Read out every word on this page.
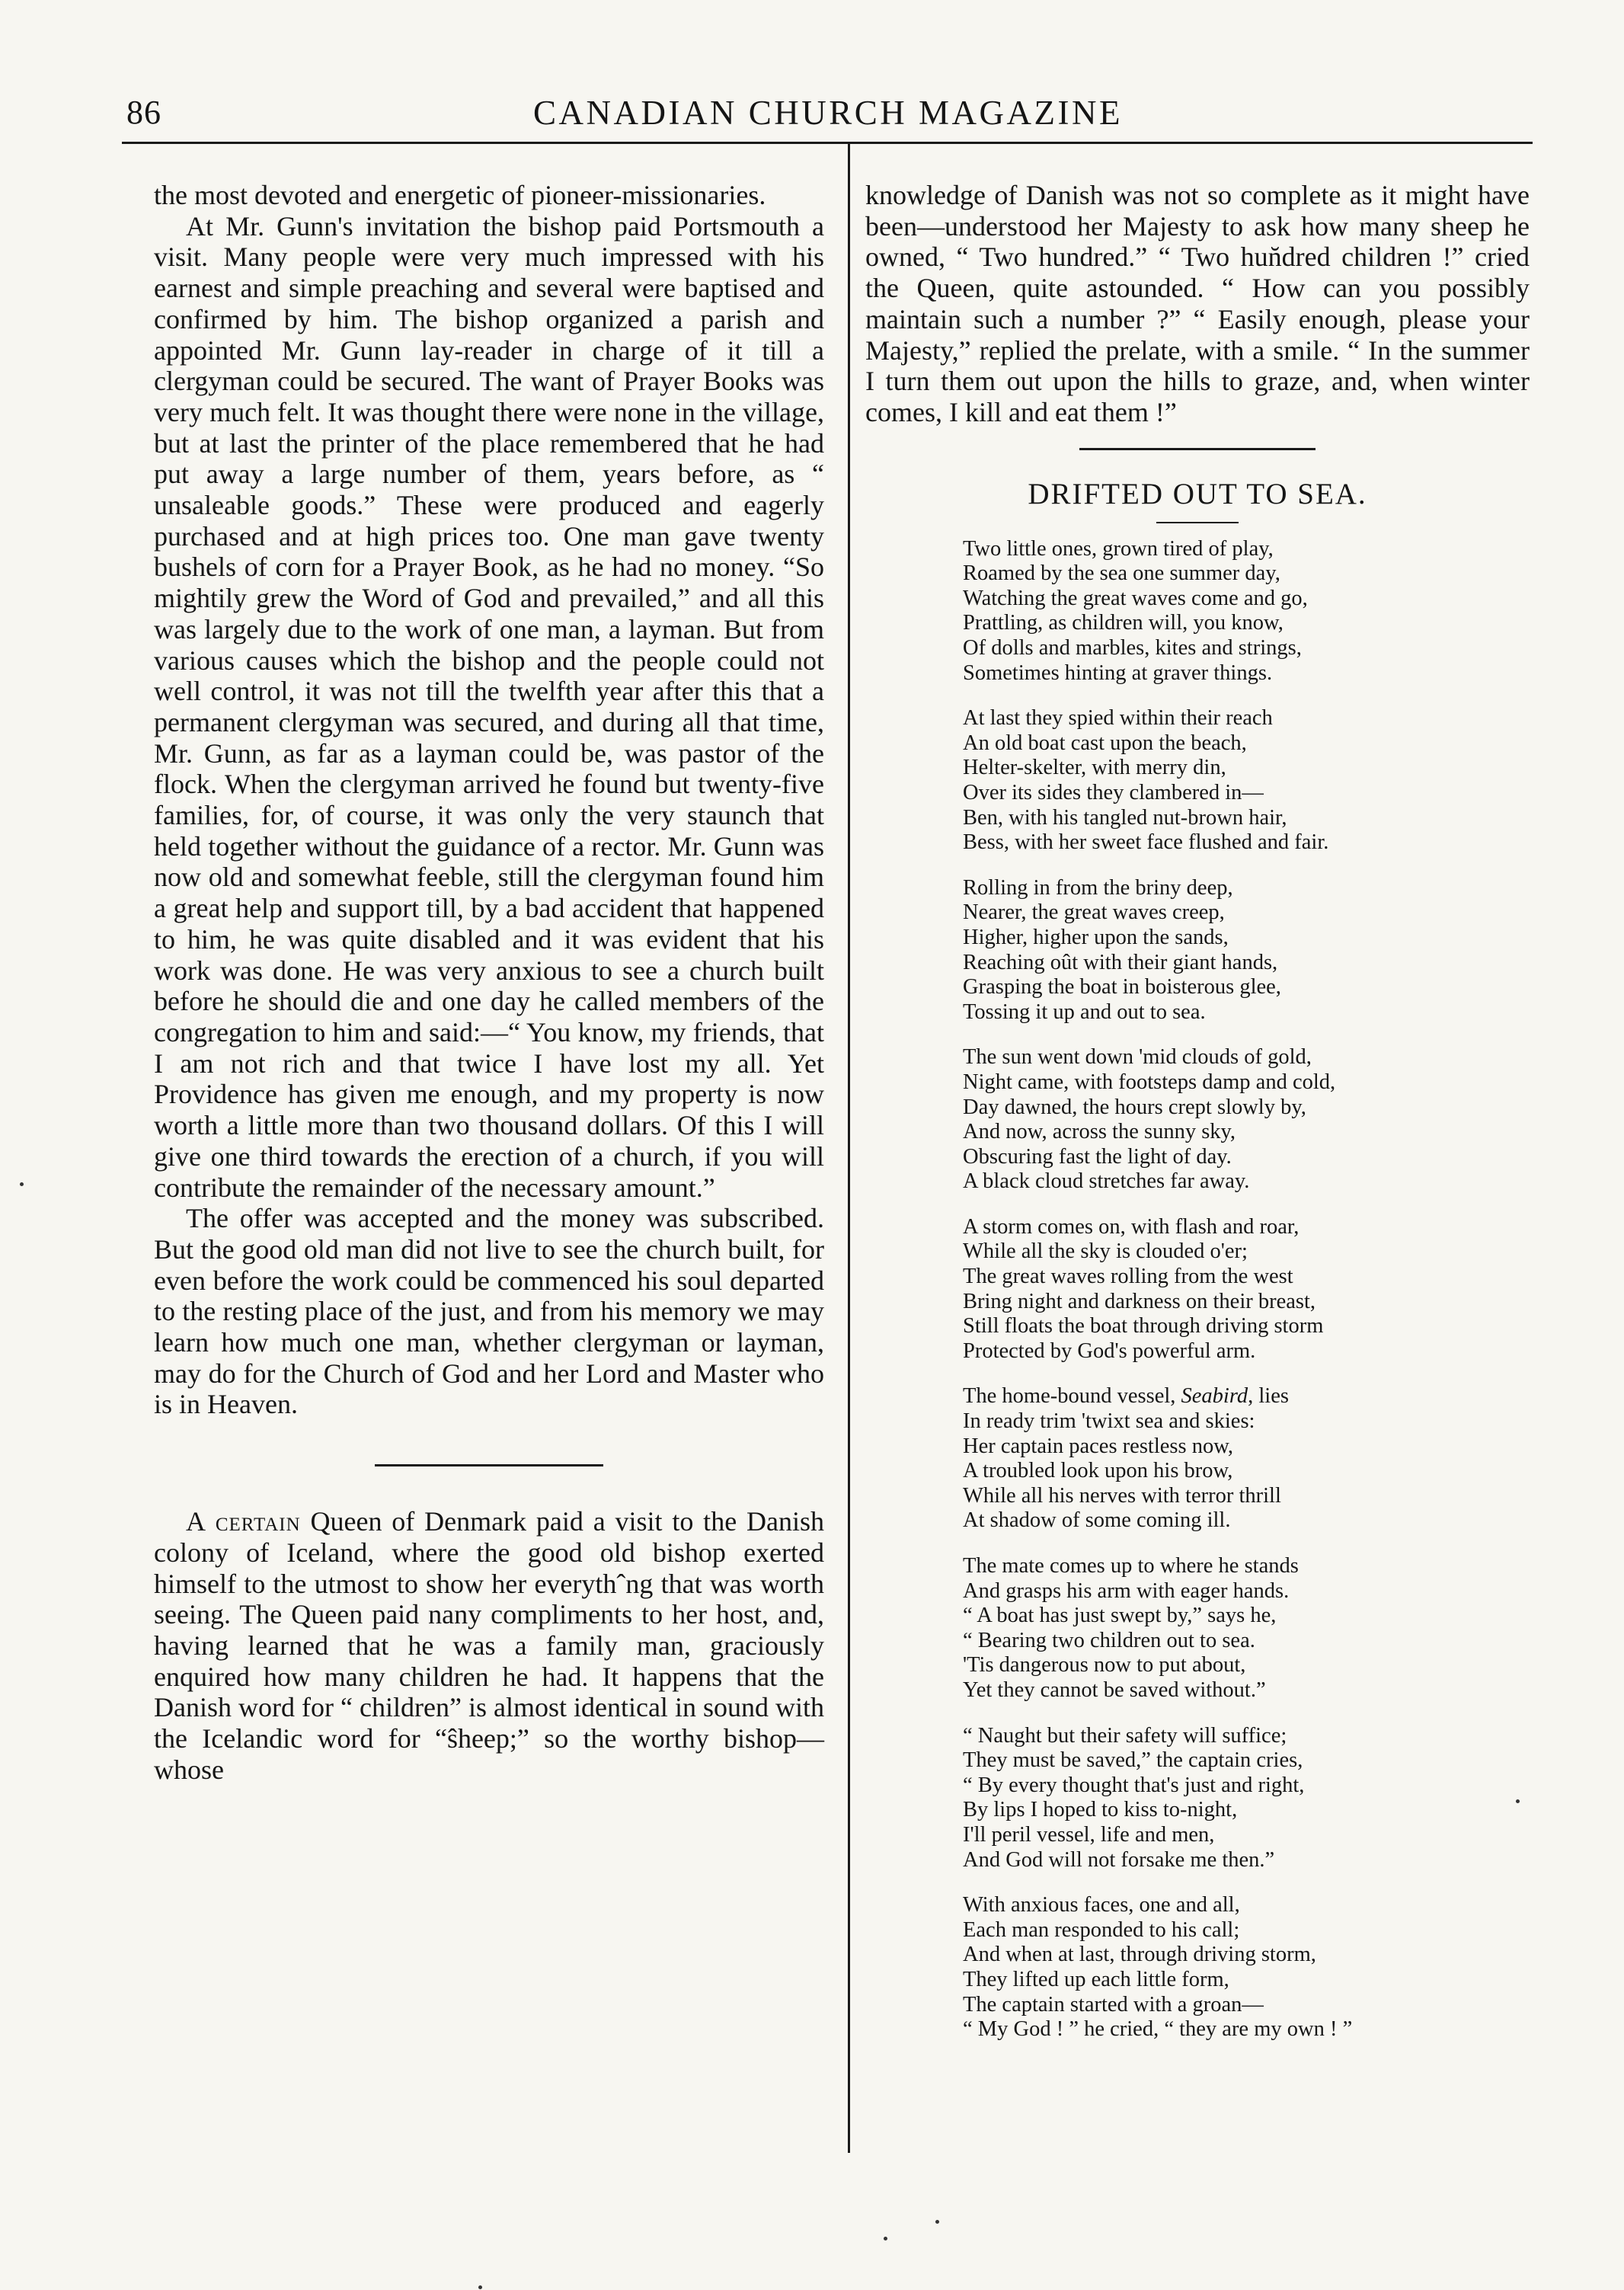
86	CANADIAN CHURCH MAGAZINE

the most devoted and energetic of pioneer-missionaries.

At Mr. Gunn's invitation the bishop paid Portsmouth a visit. Many people were very much impressed with his earnest and simple preaching and several were baptised and confirmed by him. The bishop organized a parish and appointed Mr. Gunn lay-reader in charge of it till a clergyman could be secured. The want of Prayer Books was very much felt. It was thought there were none in the village, but at last the printer of the place remembered that he had put away a large number of them, years before, as “ unsaleable goods.” These were produced and eagerly purchased and at high prices too. One man gave twenty bushels of corn for a Prayer Book, as he had no money. “So mightily grew the Word of God and prevailed,” and all this was largely due to the work of one man, a layman. But from various causes which the bishop and the people could not well control, it was not till the twelfth year after this that a permanent clergyman was secured, and during all that time, Mr. Gunn, as far as a layman could be, was pastor of the flock. When the clergyman arrived he found but twenty-five families, for, of course, it was only the very staunch that held together without the guidance of a rector. Mr. Gunn was now old and somewhat feeble, still the clergyman found him a great help and support till, by a bad accident that happened to him, he was quite disabled and it was evident that his work was done. He was very anxious to see a church built before he should die and one day he called members of the congregation to him and said:—“ You know, my friends, that I am not rich and that twice I have lost my all. Yet Providence has given me enough, and my property is now worth a little more than two thousand dollars. Of this I will give one third towards the erection of a church, if you will contribute the remainder of the necessary amount.”

The offer was accepted and the money was subscribed. But the good old man did not live to see the church built, for even before the work could be commenced his soul departed to the resting place of the just, and from his memory we may learn how much one man, whether clergyman or layman, may do for the Church of God and her Lord and Master who is in Heaven.

A certain Queen of Denmark paid a visit to the Danish colony of Iceland, where the good old bishop exerted himself to the utmost to show her everythˆng that was worth seeing. The Queen paid nany compliments to her host, and, having learned that he was a family man, graciously enquired how many children he had. It happens that the Danish word for “ children” is almost identical in sound with the Icelandic word for “ŝheep;” so the worthy bishop—whose

knowledge of Danish was not so complete as it might have been—understood her Majesty to ask how many sheep he owned, “ Two hundred.” “ Two hun̆dred children !” cried the Queen, quite astounded. “ How can you possibly maintain such a number ?” “ Easily enough, please your Majesty,” replied the prelate, with a smile. “ In the summer I turn them out upon the hills to graze, and, when winter comes, I kill and eat them !”

DRIFTED OUT TO SEA.
Two little ones, grown tired of play,
Roamed by the sea one summer day,
Watching the great waves come and go,
Prattling, as children will, you know,
Of dolls and marbles, kites and strings,
Sometimes hinting at graver things.
At last they spied within their reach
An old boat cast upon the beach,
Helter-skelter, with merry din,
Over its sides they clambered in—
Ben, with his tangled nut-brown hair,
Bess, with her sweet face flushed and fair.
Rolling in from the briny deep,
Nearer, the great waves creep,
Higher, higher upon the sands,
Reaching oût with their giant hands,
Grasping the boat in boisterous glee,
Tossing it up and out to sea.
The sun went down 'mid clouds of gold,
Night came, with footsteps damp and cold,
Day dawned, the hours crept slowly by,
And now, across the sunny sky,
Obscuring fast the light of day.
A black cloud stretches far away.
A storm comes on, with flash and roar,
While all the sky is clouded o'er;
The great waves rolling from the west
Bring night and darkness on their breast,
Still floats the boat through driving storm
Protected by God's powerful arm.
The home-bound vessel, Seabird, lies
In ready trim 'twixt sea and skies:
Her captain paces restless now,
A troubled look upon his brow,
While all his nerves with terror thrill
At shadow of some coming ill.
The mate comes up to where he stands
And grasps his arm with eager hands.
“ A boat has just swept by,” says he,
“ Bearing two children out to sea.
'Tis dangerous now to put about,
Yet they cannot be saved without.”
“ Naught but their safety will suffice;
They must be saved,” the captain cries,
“ By every thought that's just and right,
By lips I hoped to kiss to-night,
I'll peril vessel, life and men,
And God will not forsake me then.”
With anxious faces, one and all,
Each man responded to his call;
And when at last, through driving storm,
They lifted up each little form,
The captain started with a groan—
“ My God ! ” he cried, “ they are my own ! ”
